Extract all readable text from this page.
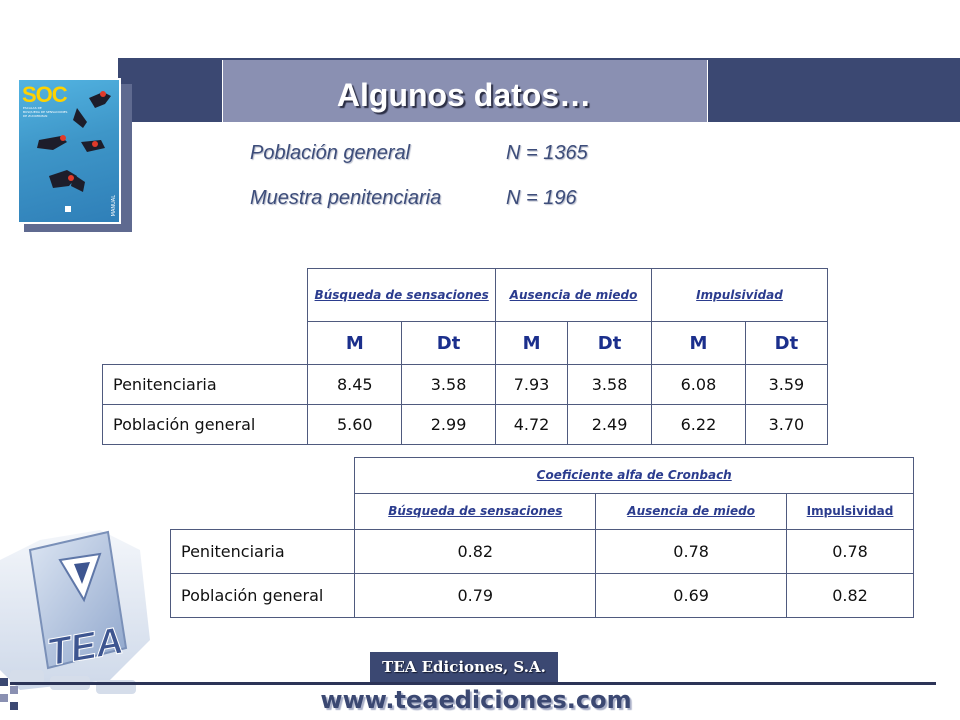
Algunos datos…
SOC
ESCALAS DE
BUSQUEDA DE SENSACIONES
DE ZUCKERMAN
MANUAL
Población general	N = 1365
Muestra penitenciaria	N = 196
	Búsqueda de sensaciones		Ausencia de miedo		Impulsividad	
	M	Dt	M	Dt	M	Dt
Penitenciaria	8.45	3.58	7.93	3.58	6.08	3.59
Población general	5.60	2.99	4.72	2.49	6.22	3.70
TEA
	Coeficiente alfa de Cronbach		
	Búsqueda de sensaciones	Ausencia de miedo	Impulsividad
Penitenciaria	0.82	0.78	0.78
Población general	0.79	0.69	0.82
TEA Ediciones, S.A.
www.teaediciones.com
